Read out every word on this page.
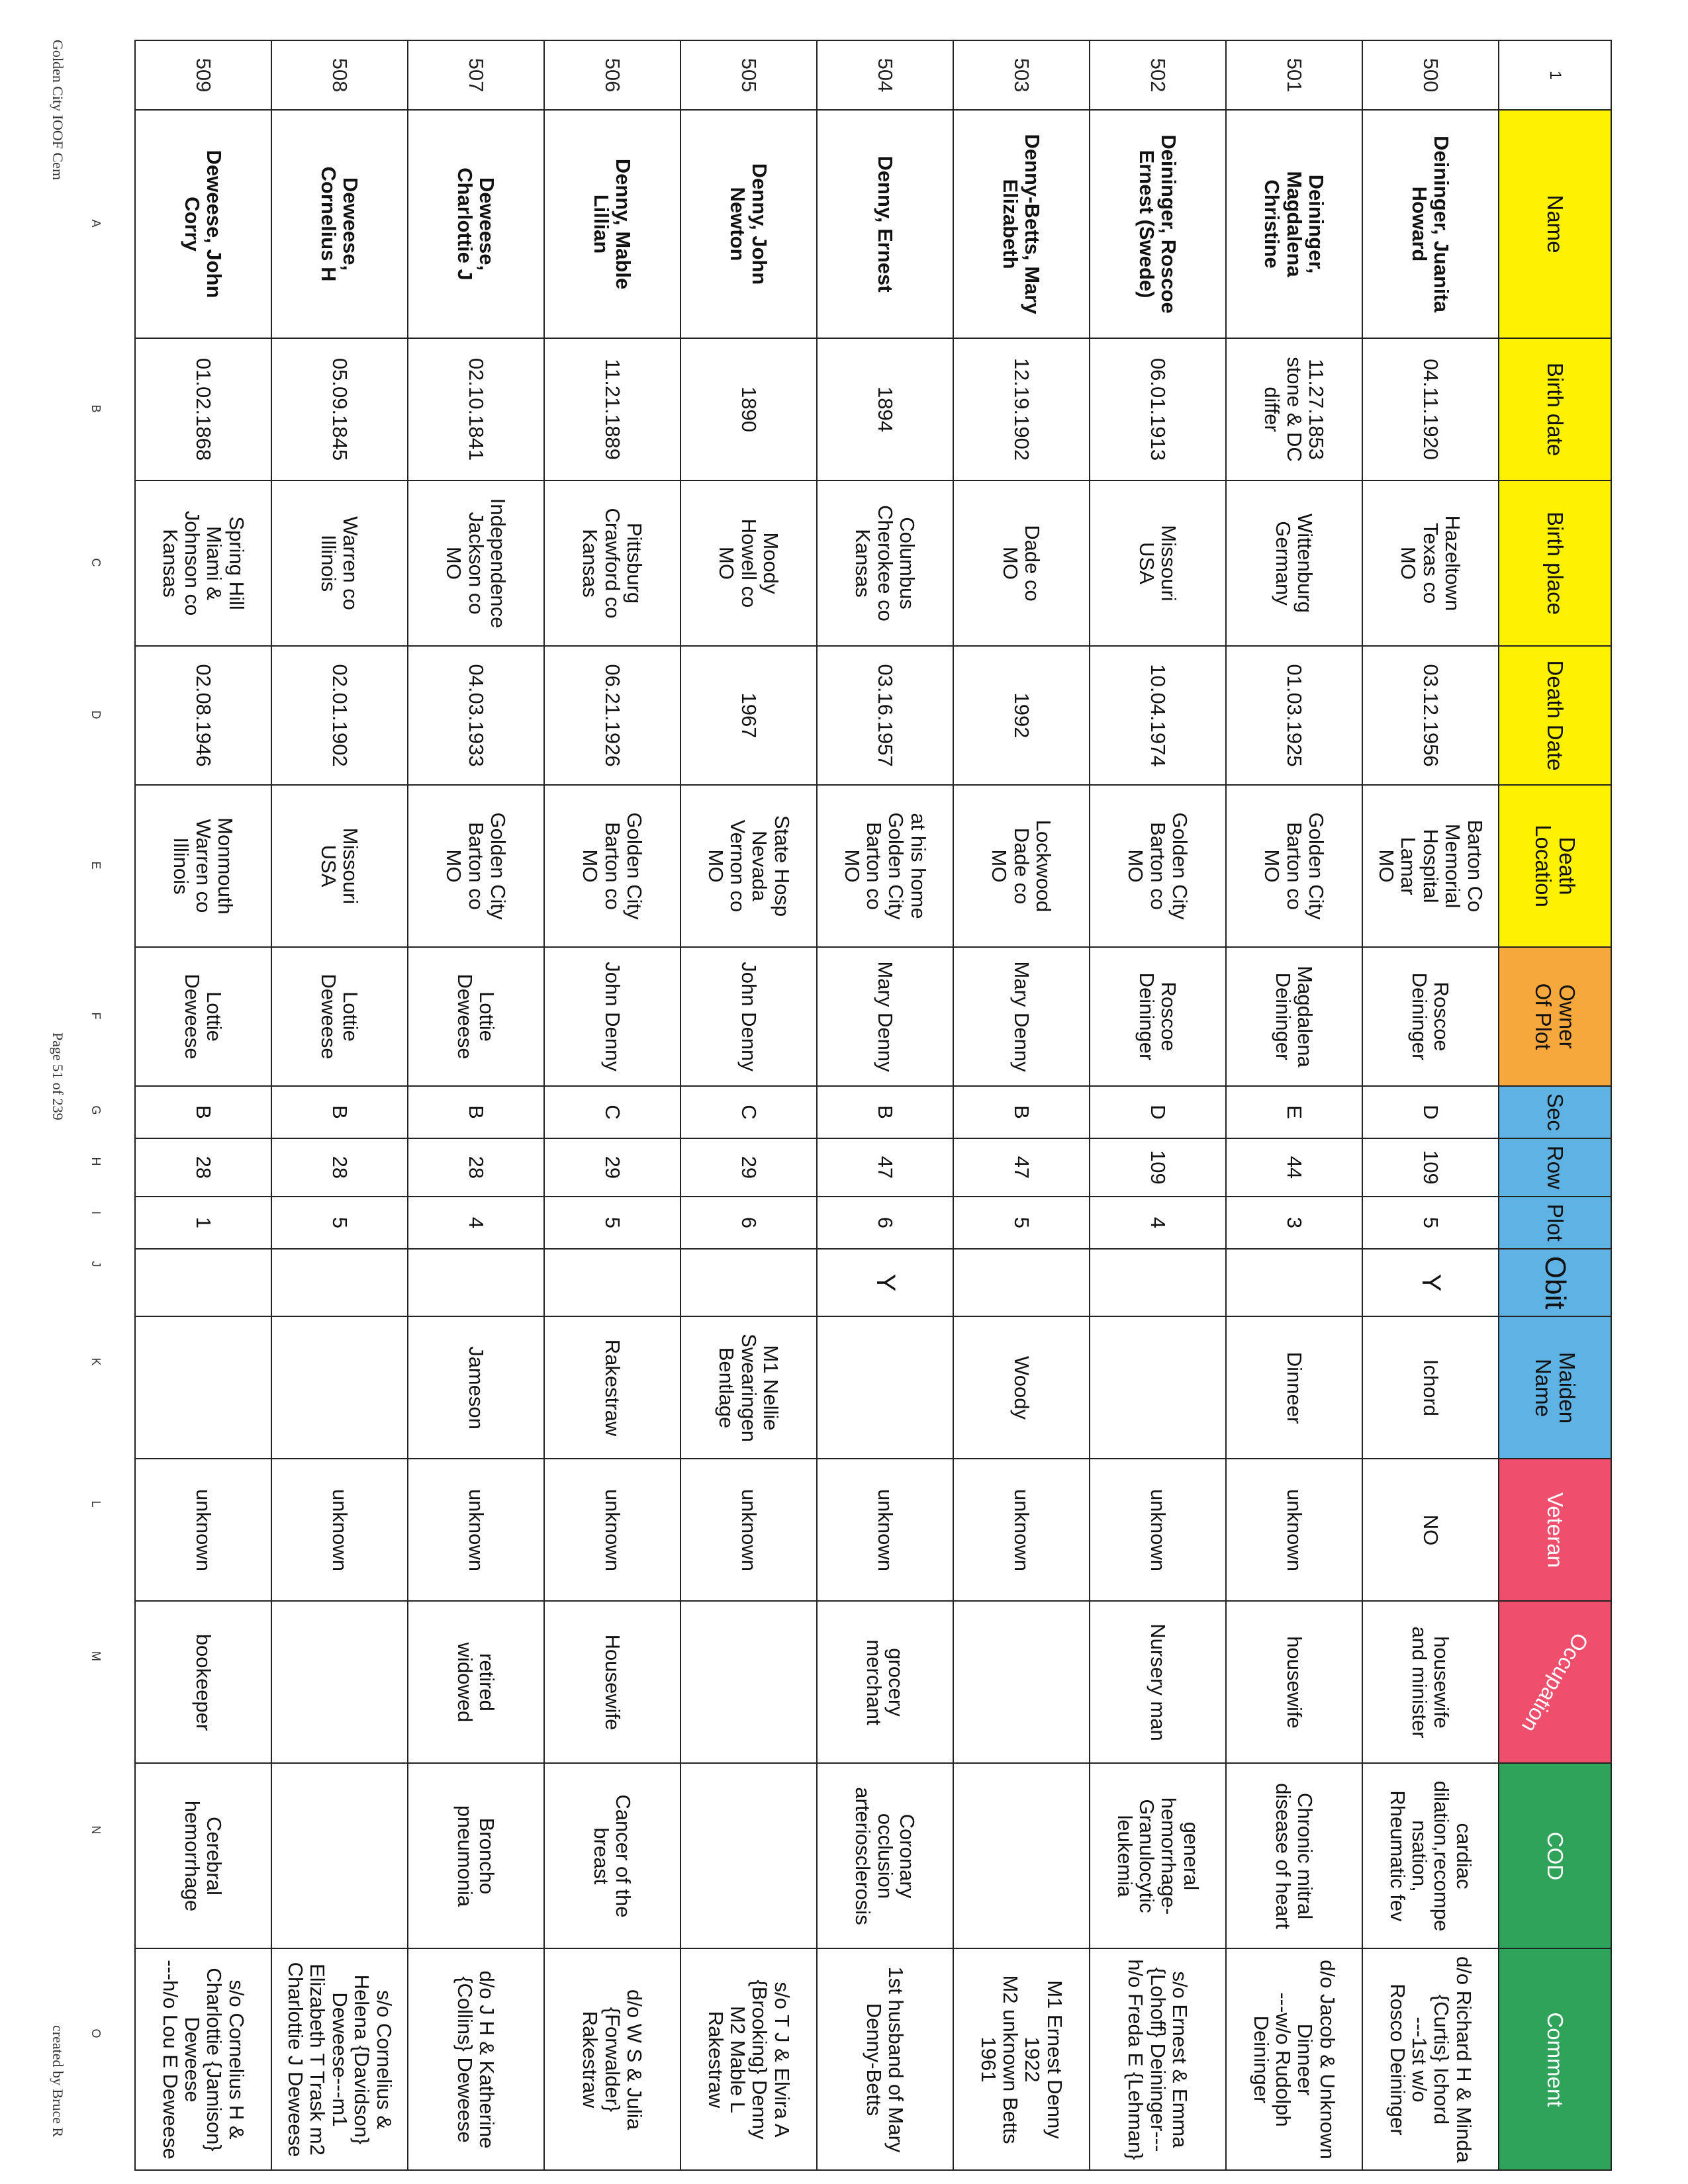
1	Name	Birth date	Birth place	Death Date	Death
Location	Owner
Of Plot	Sec	Row	Plot	Obit	Maiden
Name	Veteran	Occupation	COD	Comment
500	Deininger, Juanita
Howard	04.11.1920	Hazeltown
Texas co
MO	03.12.1956	Barton Co
Memorial
Hospital
Lamar
MO	Roscoe
Deininger	D	109	5	Y	Ichord	NO	housewife
and minister	cardiac
dilation,recompe
nsation,
Rheumatic fev	d/o Richard H & Minda
{Curtis} Ichord
---1st w/o
Rosco Deininger
501	Deininger,
Magdalena
Christine	11.27.1853
stone & DC
differ	Wittenburg
Germany	01.03.1925	Golden City
Barton co
MO	Magdalena
Deininger	E	44	3		Dinneer	unknown	housewife	Chronic mitral
disease of heart	d/o Jacob & Unknown
Dinneer
---w/o Rudolph
Deininger
502	Deininger, Roscoe
Ernest (Swede)	06.01.1913	Missouri
USA	10.04.1974	Golden City
Barton co
MO	Roscoe
Deininger	D	109	4			unknown	Nursery man	general
hemorrhage-
Granulocytic
leukemia	s/o Ernest & Emma
{Lohoff} Deininger---
h/o Freda E {Lehman}
503	Denny-Betts, Mary
Elizabeth	12.19.1902	Dade co
MO	1992	Lockwood
Dade co
MO	Mary Denny	B	47	5		Woody	unknown			M1 Ernest Denny
1922
M2 unknown Betts
1961
504	Denny, Ernest	1894	Columbus
Cherokee co
Kansas	03.16.1957	at his home
Golden City
Barton co
MO	Mary Denny	B	47	6	Y		unknown	grocery
merchant	Coronary
occlusion
arteriosclerosis	1st husband of Mary
Denny-Betts
505	Denny, John
Newton	1890	Moody
Howell co
MO	1967	State Hosp
Nevada
Vernon co
MO	John Denny	C	29	6		M1 Nellie
Swearingen
Bentlage	unknown			s/o T J & Elvira A
{Brooking} Denny
M2 Mable L
Rakestraw
506	Denny, Mable
Lillian	11.21.1889	Pittsburg
Crawford co
Kansas	06.21.1926	Golden City
Barton co
MO	John Denny	C	29	5		Rakestraw	unknown	Housewife	Cancer of the
breast	d/o W S & Julia
{Forwalder} Rakestraw
507	Deweese,
Charlottie J	02.10.1841	Independence
Jackson co
MO	04.03.1933	Golden City
Barton co
MO	Lottie
Deweese	B	28	4		Jameson	unknown	retired
widowed	Broncho
pneumonia	d/o J H & Katherine
{Collins} Deweese
508	Deweese,
Cornelius H	05.09.1845	Warren co
Illinois	02.01.1902	Missouri
USA	Lottie
Deweese	B	28	5			unknown			s/o Cornelius &
Helena {Davidson}
Deweese---m1
Elizabeth T Trask m2
Charlottie J Deweese
509	Deweese, John
Corry	01.02.1868	Spring Hill
Miami &
Johnson co
Kansas	02.08.1946	Monmouth
Warren co
Illinois	Lottie
Deweese	B	28	1			unknown	bookeeper	Cerebral
hemorrhage	s/o Cornelius H &
Charlottie {Jamison}
Deweese
---h/o Lou E Deweese
A
B
C
D
E
F
G
H
I
J
K
L
M
N
O
Golden City IOOF Cem
Page 51 of 239
created by Bruce R
